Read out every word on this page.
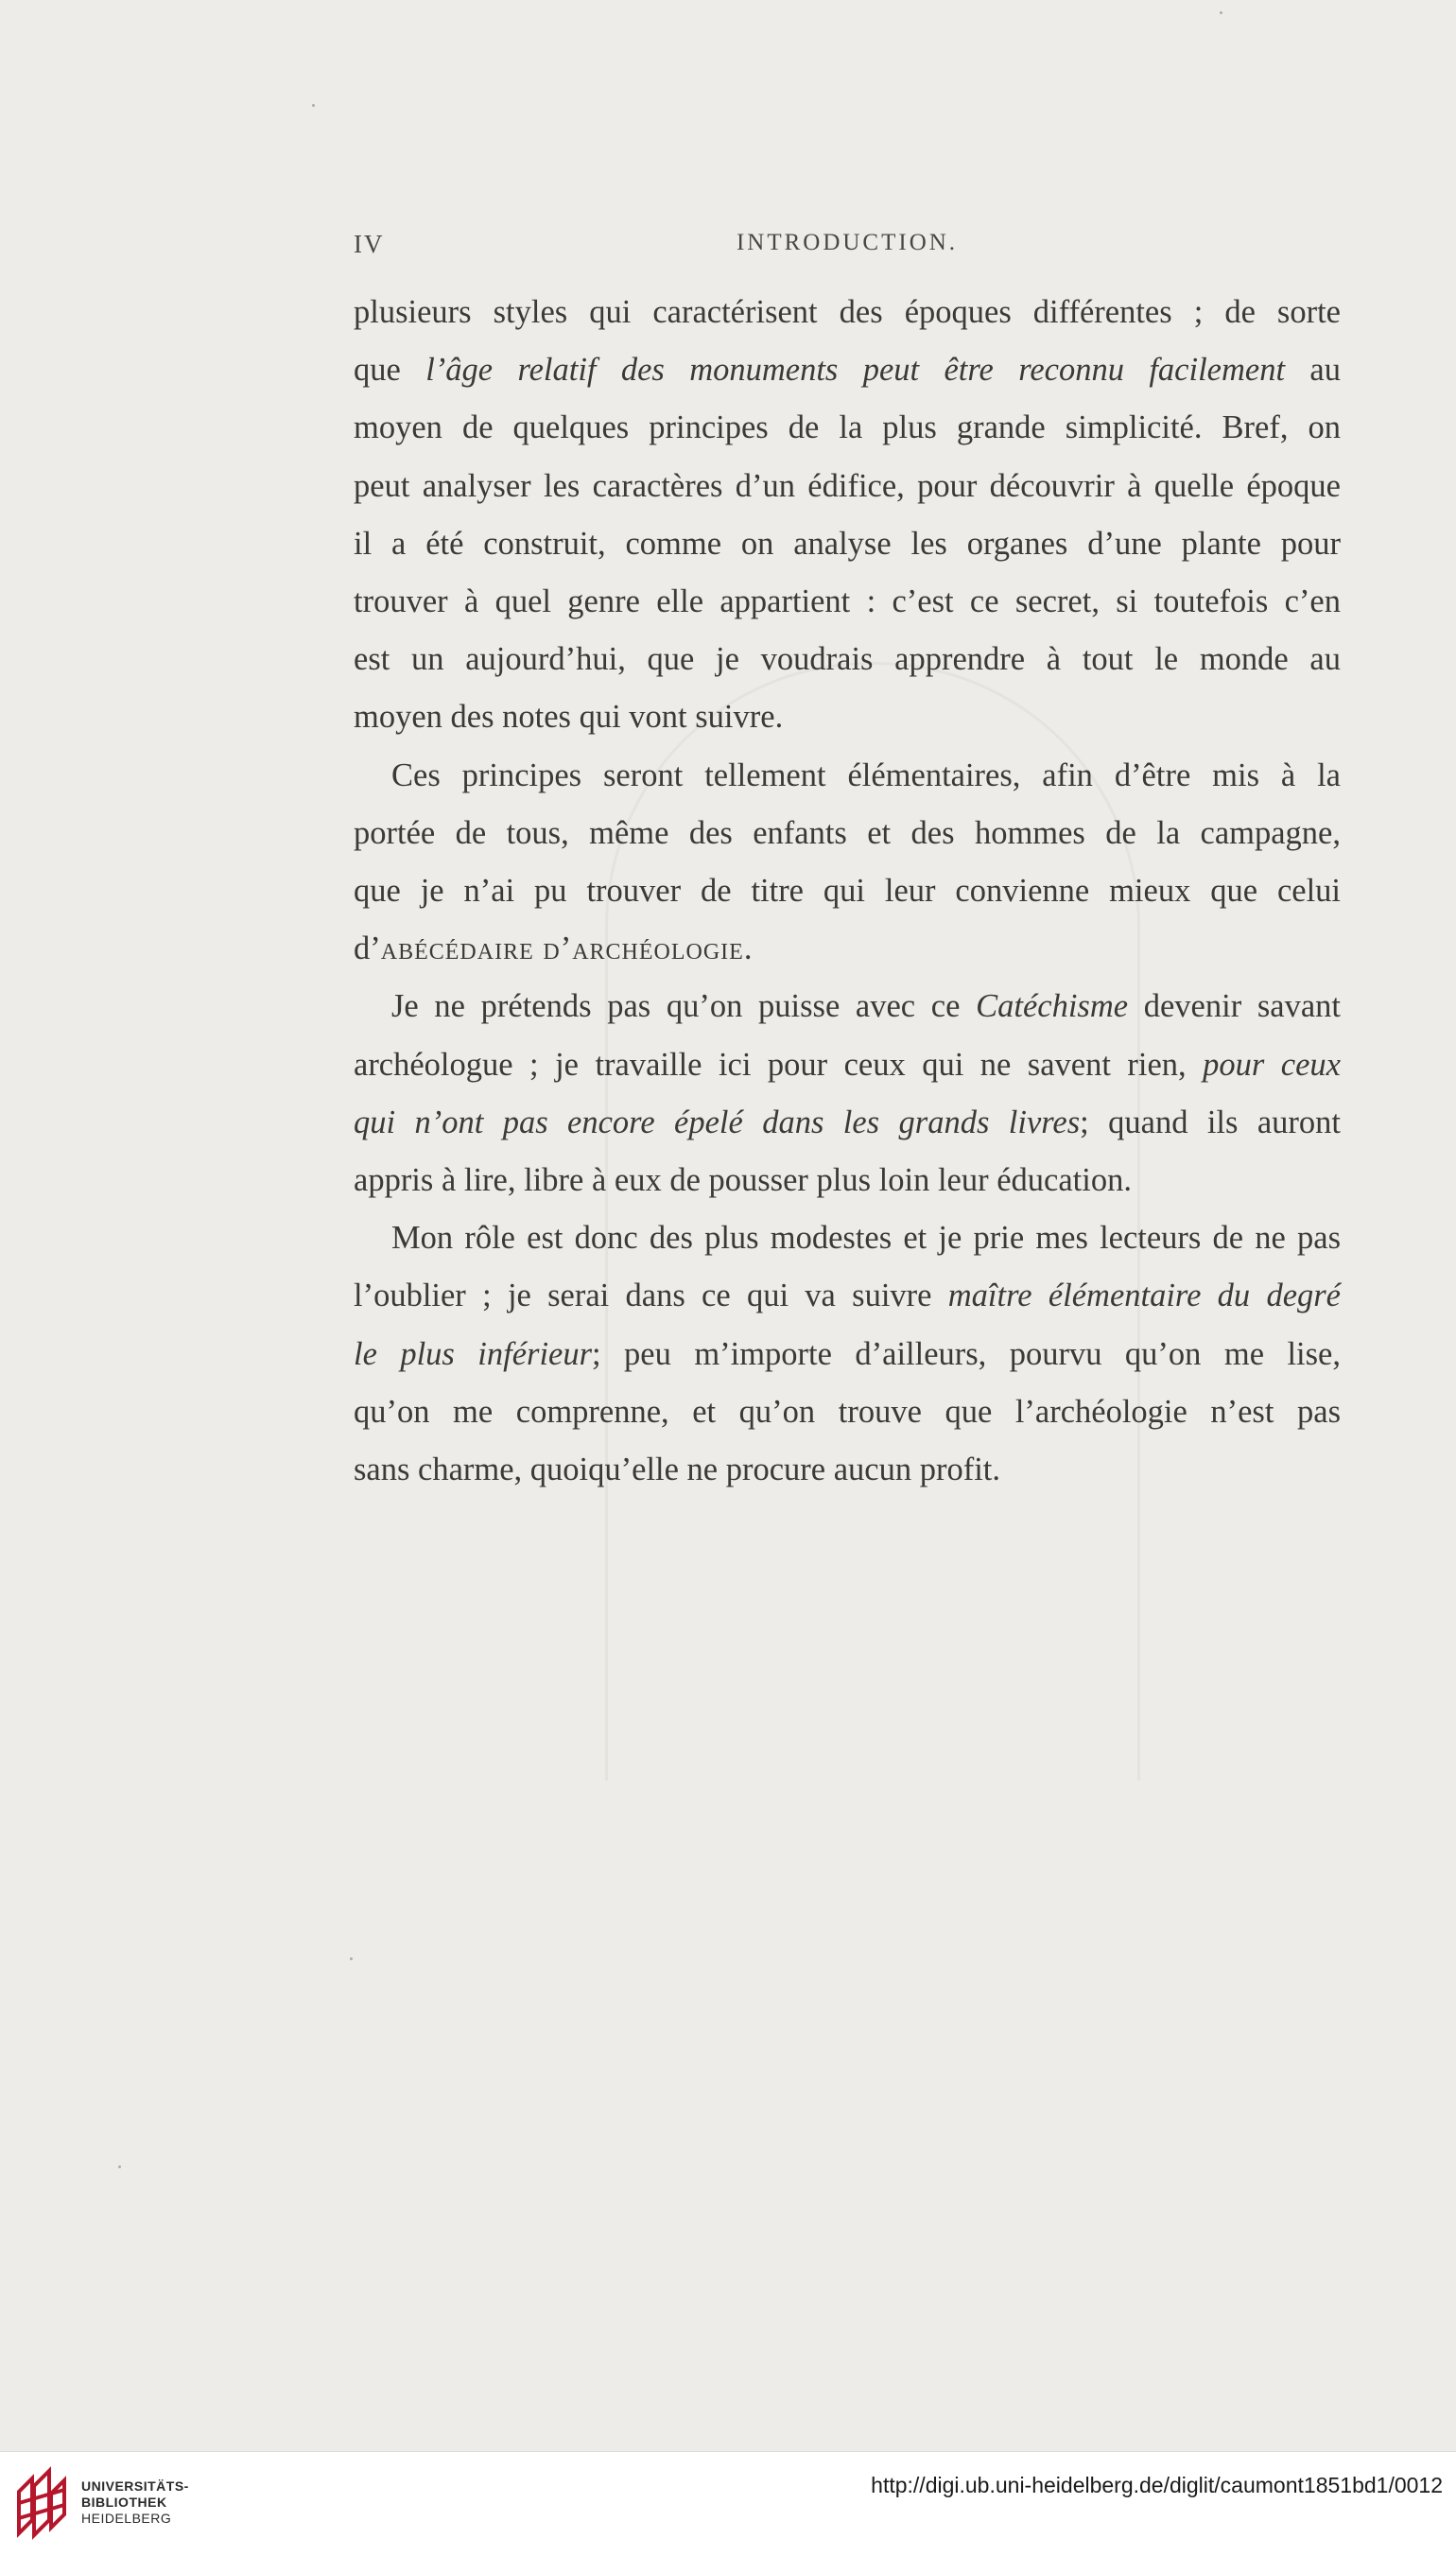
IV	INTRODUCTION.

plusieurs styles qui caractérisent des époques différentes ; de sorte

que l’âge relatif des monuments peut être reconnu facilement au

moyen de quelques principes de la plus grande simplicité. Bref, on

peut analyser les caractères d’un édifice, pour découvrir à quelle époque

il a été construit, comme on analyse les organes d’une plante pour

trouver à quel genre elle appartient : c’est ce secret, si toutefois c’en

est un aujourd’hui, que je voudrais apprendre à tout le monde au

moyen des notes qui vont suivre.

Ces principes seront tellement élémentaires, afin d’être mis à la

portée de tous, même des enfants et des hommes de la campagne,

que je n’ai pu trouver de titre qui leur convienne mieux que celui

d’abécédaire d’archéologie.

Je ne prétends pas qu’on puisse avec ce Catéchisme devenir savant

archéologue ; je travaille ici pour ceux qui ne savent rien, pour ceux

qui n’ont pas encore épelé dans les grands livres; quand ils auront

appris à lire, libre à eux de pousser plus loin leur éducation.

Mon rôle est donc des plus modestes et je prie mes lecteurs de ne pas

l’oublier ; je serai dans ce qui va suivre maître élémentaire du degré

le plus inférieur; peu m’importe d’ailleurs, pourvu qu’on me lise,

qu’on me comprenne, et qu’on trouve que l’archéologie n’est pas

sans charme, quoiqu’elle ne procure aucun profit.

UNIVERSITÄTS-
BIBLIOTHEK
HEIDELBERG
http://digi.ub.uni-heidelberg.de/diglit/caumont1851bd1/0012
